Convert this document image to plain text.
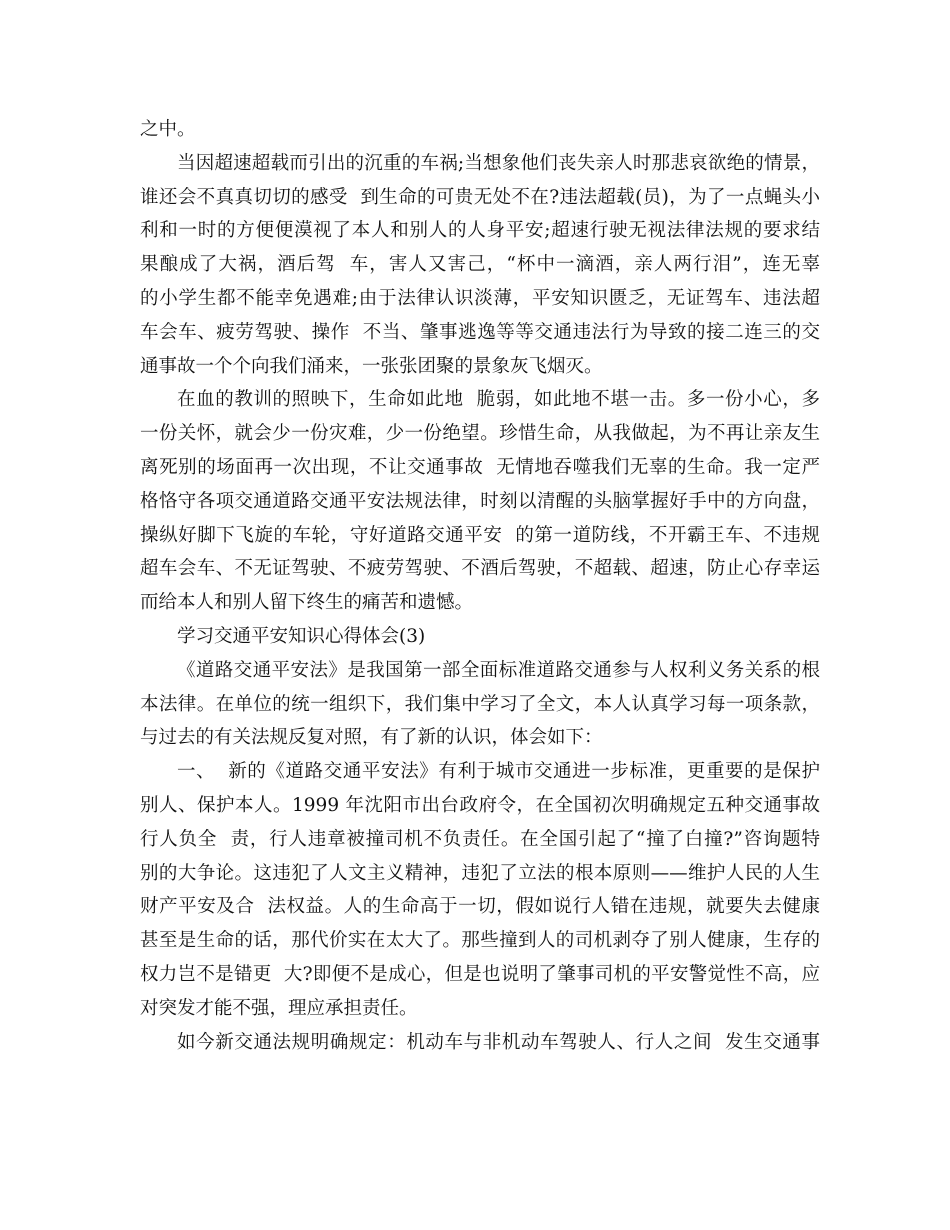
之中。
当因超速超载而引出的沉重的车祸;当想象他们丧失亲人时那悲哀欲绝的情景，
谁还会不真真切切的感受  到生命的可贵无处不在?违法超载(员)，为了一点蝇头小
利和一时的方便便漠视了本人和别人的人身平安;超速行驶无视法律法规的要求结
果酿成了大祸，酒后驾  车，害人又害己，“杯中一滴酒，亲人两行泪”，连无辜
的小学生都不能幸免遇难;由于法律认识淡薄，平安知识匮乏，无证驾车、违法超
车会车、疲劳驾驶、操作  不当、肇事逃逸等等交通违法行为导致的接二连三的交
通事故一个个向我们涌来，一张张团聚的景象灰飞烟灭。
在血的教训的照映下，生命如此地  脆弱，如此地不堪一击。多一份小心，多
一份关怀，就会少一份灾难，少一份绝望。珍惜生命，从我做起，为不再让亲友生
离死别的场面再一次出现，不让交通事故  无情地吞噬我们无辜的生命。我一定严
格恪守各项交通道路交通平安法规法律，时刻以清醒的头脑掌握好手中的方向盘，
操纵好脚下飞旋的车轮，守好道路交通平安  的第一道防线，不开霸王车、不违规
超车会车、不无证驾驶、不疲劳驾驶、不酒后驾驶，不超载、超速，防止心存幸运
而给本人和别人留下终生的痛苦和遗憾。
学习交通平安知识心得体会(3)
《道路交通平安法》是我国第一部全面标准道路交通参与人权利义务关系的根
本法律。在单位的统一组织下，我们集中学习了全文，本人认真学习每一项条款，
与过去的有关法规反复对照，有了新的认识，体会如下：
一、  新的《道路交通平安法》有利于城市交通进一步标准，更重要的是保护
别人、保护本人。1999 年沈阳市出台政府令，在全国初次明确规定五种交通事故
行人负全  责，行人违章被撞司机不负责任。在全国引起了“撞了白撞?”咨询题特
别的大争论。这违犯了人文主义精神，违犯了立法的根本原则——维护人民的人生
财产平安及合  法权益。人的生命高于一切，假如说行人错在违规，就要失去健康
甚至是生命的话，那代价实在太大了。那些撞到人的司机剥夺了别人健康，生存的
权力岂不是错更  大?即便不是成心，但是也说明了肇事司机的平安警觉性不高，应
对突发才能不强，理应承担责任。
如今新交通法规明确规定：机动车与非机动车驾驶人、行人之间  发生交通事
